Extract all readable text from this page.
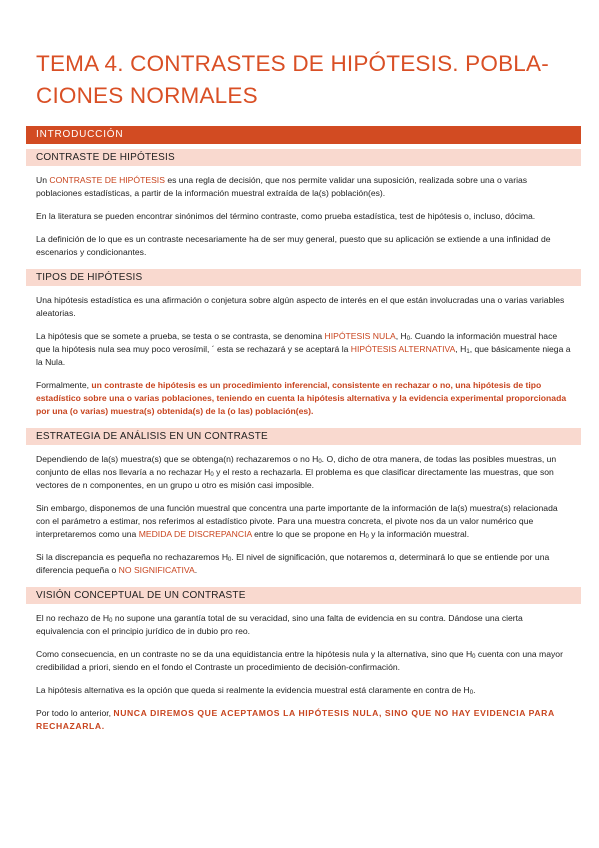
TEMA 4. CONTRASTES DE HIPÓTESIS. POBLA-
CIONES NORMALES
INTRODUCCIÓN
CONTRASTE DE HIPÓTESIS

Un CONTRASTE DE HIPÓTESIS es una regla de decisión, que nos permite validar una suposición, realizada sobre una o varias poblaciones estadísticas, a partir de la información muestral extraída de la(s) población(es).

En la literatura se pueden encontrar sinónimos del término contraste, como prueba estadística, test de hipótesis o, incluso, dócima.

La definición de lo que es un contraste necesariamente ha de ser muy general, puesto que su aplicación se extiende a una infinidad de escenarios y condicionantes.

TIPOS DE HIPÓTESIS

Una hipótesis estadística es una afirmación o conjetura sobre algún aspecto de interés en el que están involucradas una o varias variables aleatorias.

La hipótesis que se somete a prueba, se testa o se contrasta, se denomina HIPÓTESIS NULA, $H_0$. Cuando la información muestral hace que la hipótesis nula sea muy poco verosímil, ´ esta se rechazará y se aceptará la HIPÓTESIS ALTERNATIVA, $H_1$, que básicamente niega a la Nula.

Formalmente, un contraste de hipótesis es un procedimiento inferencial, consistente en rechazar o no, una hipótesis de tipo estadístico sobre una o varias poblaciones, teniendo en cuenta la hipótesis alternativa y la evidencia experimental proporcionada por una (o varias) muestra(s) obtenida(s) de la (o las) población(es).

ESTRATEGIA DE ANÁLISIS EN UN CONTRASTE

Dependiendo de la(s) muestra(s) que se obtenga(n) rechazaremos o no $H_0$. O, dicho de otra manera, de todas las posibles muestras, un conjunto de ellas nos llevaría a no rechazar $H_0$ y el resto a rechazarla. El problema es que clasificar directamente las muestras, que son vectores de n componentes, en un grupo u otro es misión casi imposible.

Sin embargo, disponemos de una función muestral que concentra una parte importante de la información de la(s) muestra(s) relacionada con el parámetro a estimar, nos referimos al estadístico pivote. Para una muestra concreta, el pivote nos da un valor numérico que interpretaremos como una MEDIDA DE DISCREPANCIA entre lo que se propone en $H_0$ y la información muestral.

Si la discrepancia es pequeña no rechazaremos $H_0$. El nivel de significación, que notaremos α, determinará lo que se entiende por una diferencia pequeña o NO SIGNIFICATIVA.

VISIÓN CONCEPTUAL DE UN CONTRASTE

El no rechazo de $H_0$ no supone una garantía total de su veracidad, sino una falta de evidencia en su contra. Dándose una cierta equivalencia con el principio jurídico de in dubio pro reo.

Como consecuencia, en un contraste no se da una equidistancia entre la hipótesis nula y la alternativa, sino que $H_0$ cuenta con una mayor credibilidad a priori, siendo en el fondo el Contraste un procedimiento de decisión-confirmación.

La hipótesis alternativa es la opción que queda si realmente la evidencia muestral está claramente en contra de $H_0$.

Por todo lo anterior, NUNCA DIREMOS QUE ACEPTAMOS LA HIPÓTESIS NULA, SINO QUE NO HAY EVIDENCIA PARA RECHAZARLA.
